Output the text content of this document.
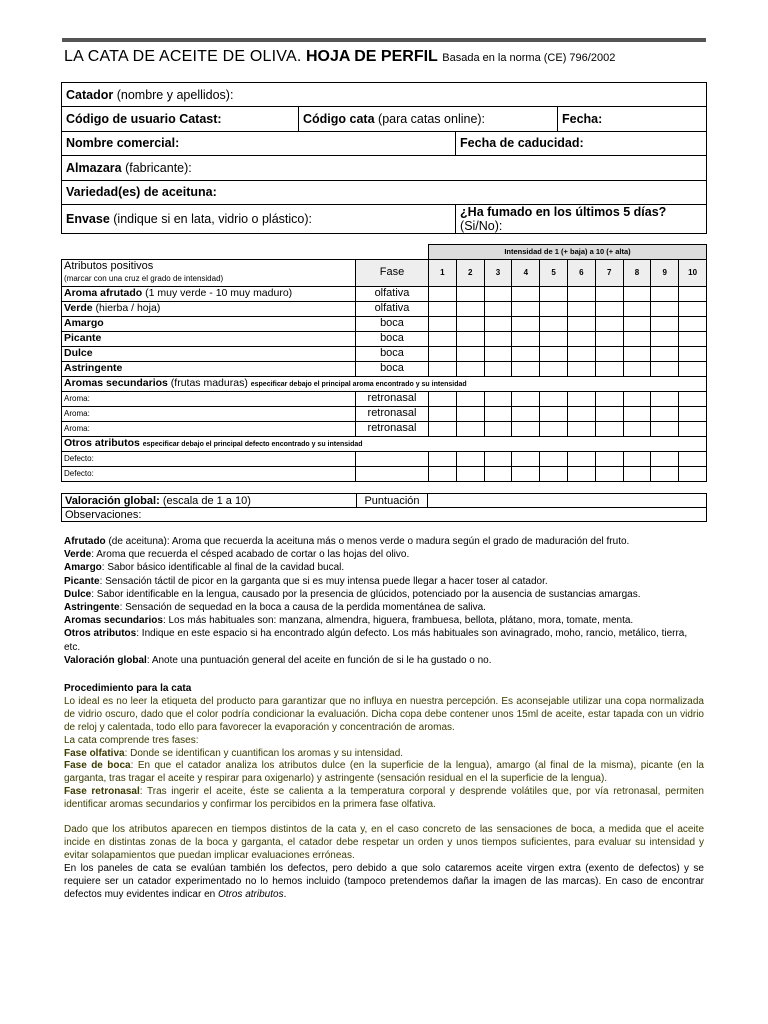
LA CATA DE ACEITE DE OLIVA. HOJA DE PERFIL Basada en la norma (CE) 796/2002
Catador (nombre y apellidos):			
Código de usuario Catast:	Código cata (para catas online):		Fecha:
Nombre comercial:		Fecha de caducidad:	
Almazara (fabricante):			
Variedad(es) de aceituna:			
Envase (indique si en lata, vidrio o plástico):		¿Ha fumado en los últimos 5 días? (Si/No):	
		Intensidad de 1 (+ baja) a 10 (+ alta)									
Atributos positivos
(marcar con una cruz el grado de intensidad)	Fase	1	2	3	4	5	6	7	8	9	10
Aroma afrutado (1 muy verde - 10 muy maduro)	olfativa										
Verde (hierba / hoja)	olfativa										
Amargo	boca										
Picante	boca										
Dulce	boca										
Astringente	boca										
Aromas secundarios (frutas maduras) especificar debajo el principal aroma encontrado y su intensidad											
Aroma:	retronasal										
Aroma:	retronasal										
Aroma:	retronasal										
Otros atributos especificar debajo el principal defecto encontrado y su intensidad											
Defecto:											
Defecto:											
Valoración global: (escala de 1 a 10)	Puntuación	
Observaciones:

Afrutado (de aceituna): Aroma que recuerda la aceituna más o menos verde o madura según el grado de maduración del fruto.

Verde: Aroma que recuerda el césped acabado de cortar o las hojas del olivo.

Amargo: Sabor básico identificable al final de la cavidad bucal.

Picante: Sensación táctil de picor en la garganta que si es muy intensa puede llegar a hacer toser al catador.

Dulce: Sabor identificable en la lengua, causado por la presencia de glúcidos, potenciado por la ausencia de sustancias amargas.

Astringente: Sensación de sequedad en la boca a causa de la perdida momentánea de saliva.

Aromas secundarios: Los más habituales son: manzana, almendra, higuera, frambuesa, bellota, plátano, mora, tomate, menta.

Otros atributos: Indique en este espacio si ha encontrado algún defecto. Los más habituales son avinagrado, moho, rancio, metálico, tierra, etc.

Valoración global: Anote una puntuación general del aceite en función de si le ha gustado o no.

Procedimiento para la cata

Lo ideal es no leer la etiqueta del producto para garantizar que no influya en nuestra percepción. Es aconsejable utilizar una copa normalizada de vidrio oscuro, dado que el color podría condicionar la evaluación. Dicha copa debe contener unos 15ml de aceite, estar tapada con un vidrio de reloj y calentada, todo ello para favorecer la evaporación y concentración de aromas.

La cata comprende tres fases:

Fase olfativa: Donde se identifican y cuantifican los aromas y su intensidad.

Fase de boca: En que el catador analiza los atributos dulce (en la superficie de la lengua), amargo (al final de la misma), picante (en la garganta, tras tragar el aceite y respirar para oxigenarlo) y astringente (sensación residual en el la superficie de la lengua).

Fase retronasal: Tras ingerir el aceite, éste se calienta a la temperatura corporal y desprende volátiles que, por vía retronasal, permiten identificar aromas secundarios y confirmar los percibidos en la primera fase olfativa.

Dado que los atributos aparecen en tiempos distintos de la cata y, en el caso concreto de las sensaciones de boca, a medida que el aceite incide en distintas zonas de la boca y garganta, el catador debe respetar un orden y unos tiempos suficientes, para evaluar su intensidad y evitar solapamientos que puedan implicar evaluaciones erróneas.

En los paneles de cata se evalúan también los defectos, pero debido a que solo cataremos aceite virgen extra (exento de defectos) y se requiere ser un catador experimentado no lo hemos incluido (tampoco pretendemos dañar la imagen de las marcas). En caso de encontrar defectos muy evidentes indicar en Otros atributos.
